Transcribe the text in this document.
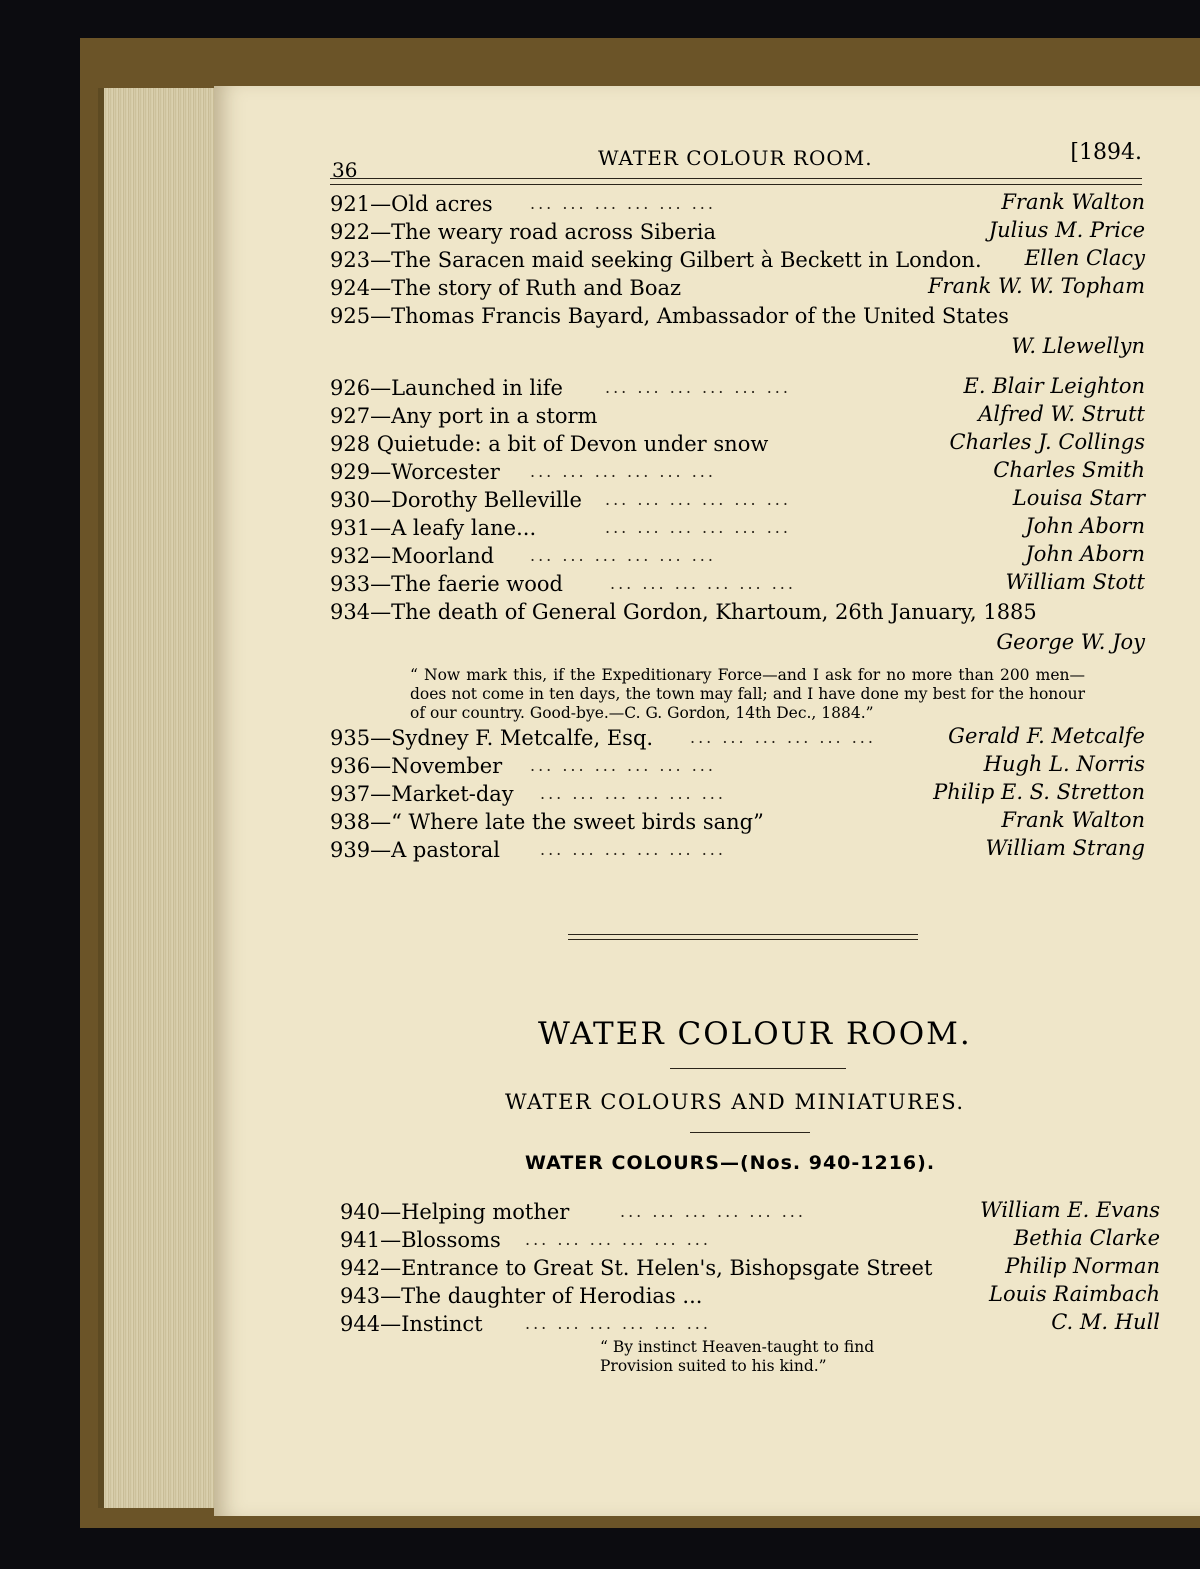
36	WATER COLOUR ROOM.	[1894.
921—Old acres ... ... ... ... ... ...	Frank Walton
922—The weary road across Siberia	Julius M. Price
923—The Saracen maid seeking Gilbert à Beckett in London. Ellen Clacy
924—The story of Ruth and Boaz	Frank W. W. Topham
925—Thomas Francis Bayard, Ambassador of the United States
W. Llewellyn
926—Launched in life	... ... ... ... ... ...	E. Blair Leighton
927—Any port in a storm	Alfred W. Strutt
928 Quietude: a bit of Devon under snow	Charles J. Collings
929—Worcester ... ... ... ... ... ...	Charles Smith
930—Dorothy Belleville ... ... ... ... ... ...	Louisa Starr
931—A leafy lane...	... ... ... ... ... ...	John Aborn
932—Moorland ... ... ... ... ... ...	John Aborn
933—The faerie wood	... ... ... ... ... ...	William Stott
934—The death of General Gordon, Khartoum, 26th January, 1885
George W. Joy
“ Now mark this, if the Expeditionary Force—and I ask for no more than 200 men—does not come in ten days, the town may fall; and I have done my best for the honour of our country. Good-bye.—C. G. Gordon, 14th Dec., 1884.”
935—Sydney F. Metcalfe, Esq. ... ... ... ... ... ...	Gerald F. Metcalfe
936—November ... ... ... ... ... ...	Hugh L. Norris
937—Market-day ... ... ... ... ... ...	Philip E. S. Stretton
938—“ Where late the sweet birds sang”	Frank Walton
939—A pastoral ... ... ... ... ... ...	William Strang
WATER COLOUR ROOM.
WATER COLOURS AND MINIATURES.
WATER COLOURS—(Nos. 940-1216).
940—Helping mother	... ... ... ... ... ...	William E. Evans
941—Blossoms ... ... ... ... ... ...	Bethia Clarke
942—Entrance to Great St. Helen's, Bishopsgate Street	Philip Norman
943—The daughter of Herodias ...	Louis Raimbach
944—Instinct	... ... ... ... ... ...	C. M. Hull
“ By instinct Heaven-taught to find Provision suited to his kind.”
